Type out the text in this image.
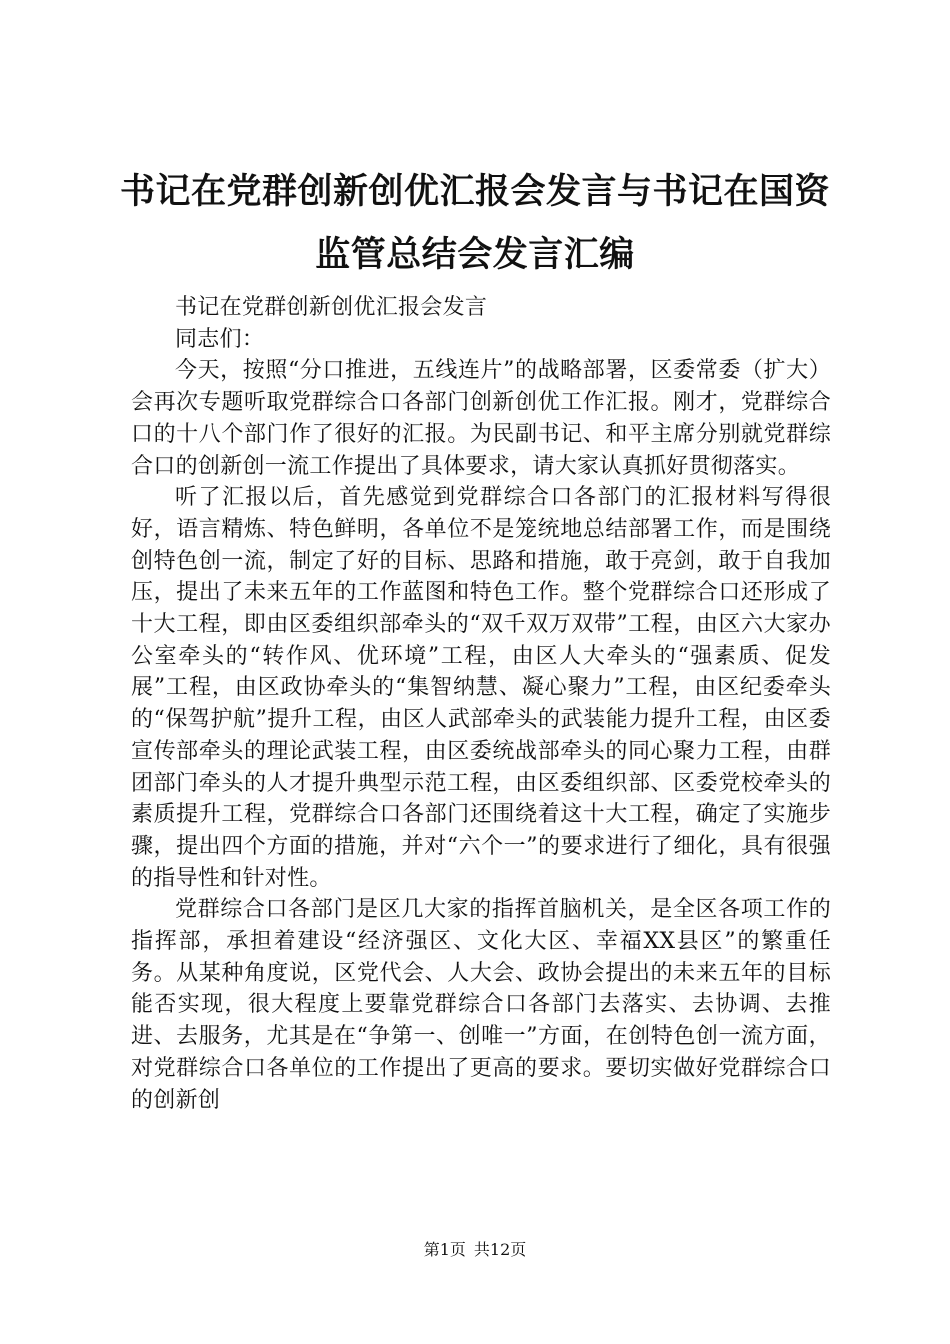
书记在党群创新创优汇报会发言与书记在国资监管总结会发言汇编

书记在党群创新创优汇报会发言

同志们：

今天，按照“分口推进，五线连片”的战略部署，区委常委（扩大）会再次专题听取党群综合口各部门创新创优工作汇报。刚才，党群综合口的十八个部门作了很好的汇报。为民副书记、和平主席分别就党群综合口的创新创一流工作提出了具体要求，请大家认真抓好贯彻落实。

听了汇报以后，首先感觉到党群综合口各部门的汇报材料写得很好，语言精炼、特色鲜明，各单位不是笼统地总结部署工作，而是围绕创特色创一流，制定了好的目标、思路和措施，敢于亮剑，敢于自我加压，提出了未来五年的工作蓝图和特色工作。整个党群综合口还形成了十大工程，即由区委组织部牵头的“双千双万双带”工程，由区六大家办公室牵头的“转作风、优环境”工程，由区人大牵头的“强素质、促发展”工程，由区政协牵头的“集智纳慧、凝心聚力”工程，由区纪委牵头的“保驾护航”提升工程，由区人武部牵头的武装能力提升工程，由区委宣传部牵头的理论武装工程，由区委统战部牵头的同心聚力工程，由群团部门牵头的人才提升典型示范工程，由区委组织部、区委党校牵头的素质提升工程，党群综合口各部门还围绕着这十大工程，确定了实施步骤，提出四个方面的措施，并对“六个一”的要求进行了细化，具有很强的指导性和针对性。

党群综合口各部门是区几大家的指挥首脑机关，是全区各项工作的指挥部，承担着建设“经济强区、文化大区、幸福XX县区”的繁重任务。从某种角度说，区党代会、人大会、政协会提出的未来五年的目标能否实现，很大程度上要靠党群综合口各部门去落实、去协调、去推进、去服务，尤其是在“争第一、创唯一”方面，在创特色创一流方面，对党群综合口各单位的工作提出了更高的要求。要切实做好党群综合口的创新创

第1页 共12页
